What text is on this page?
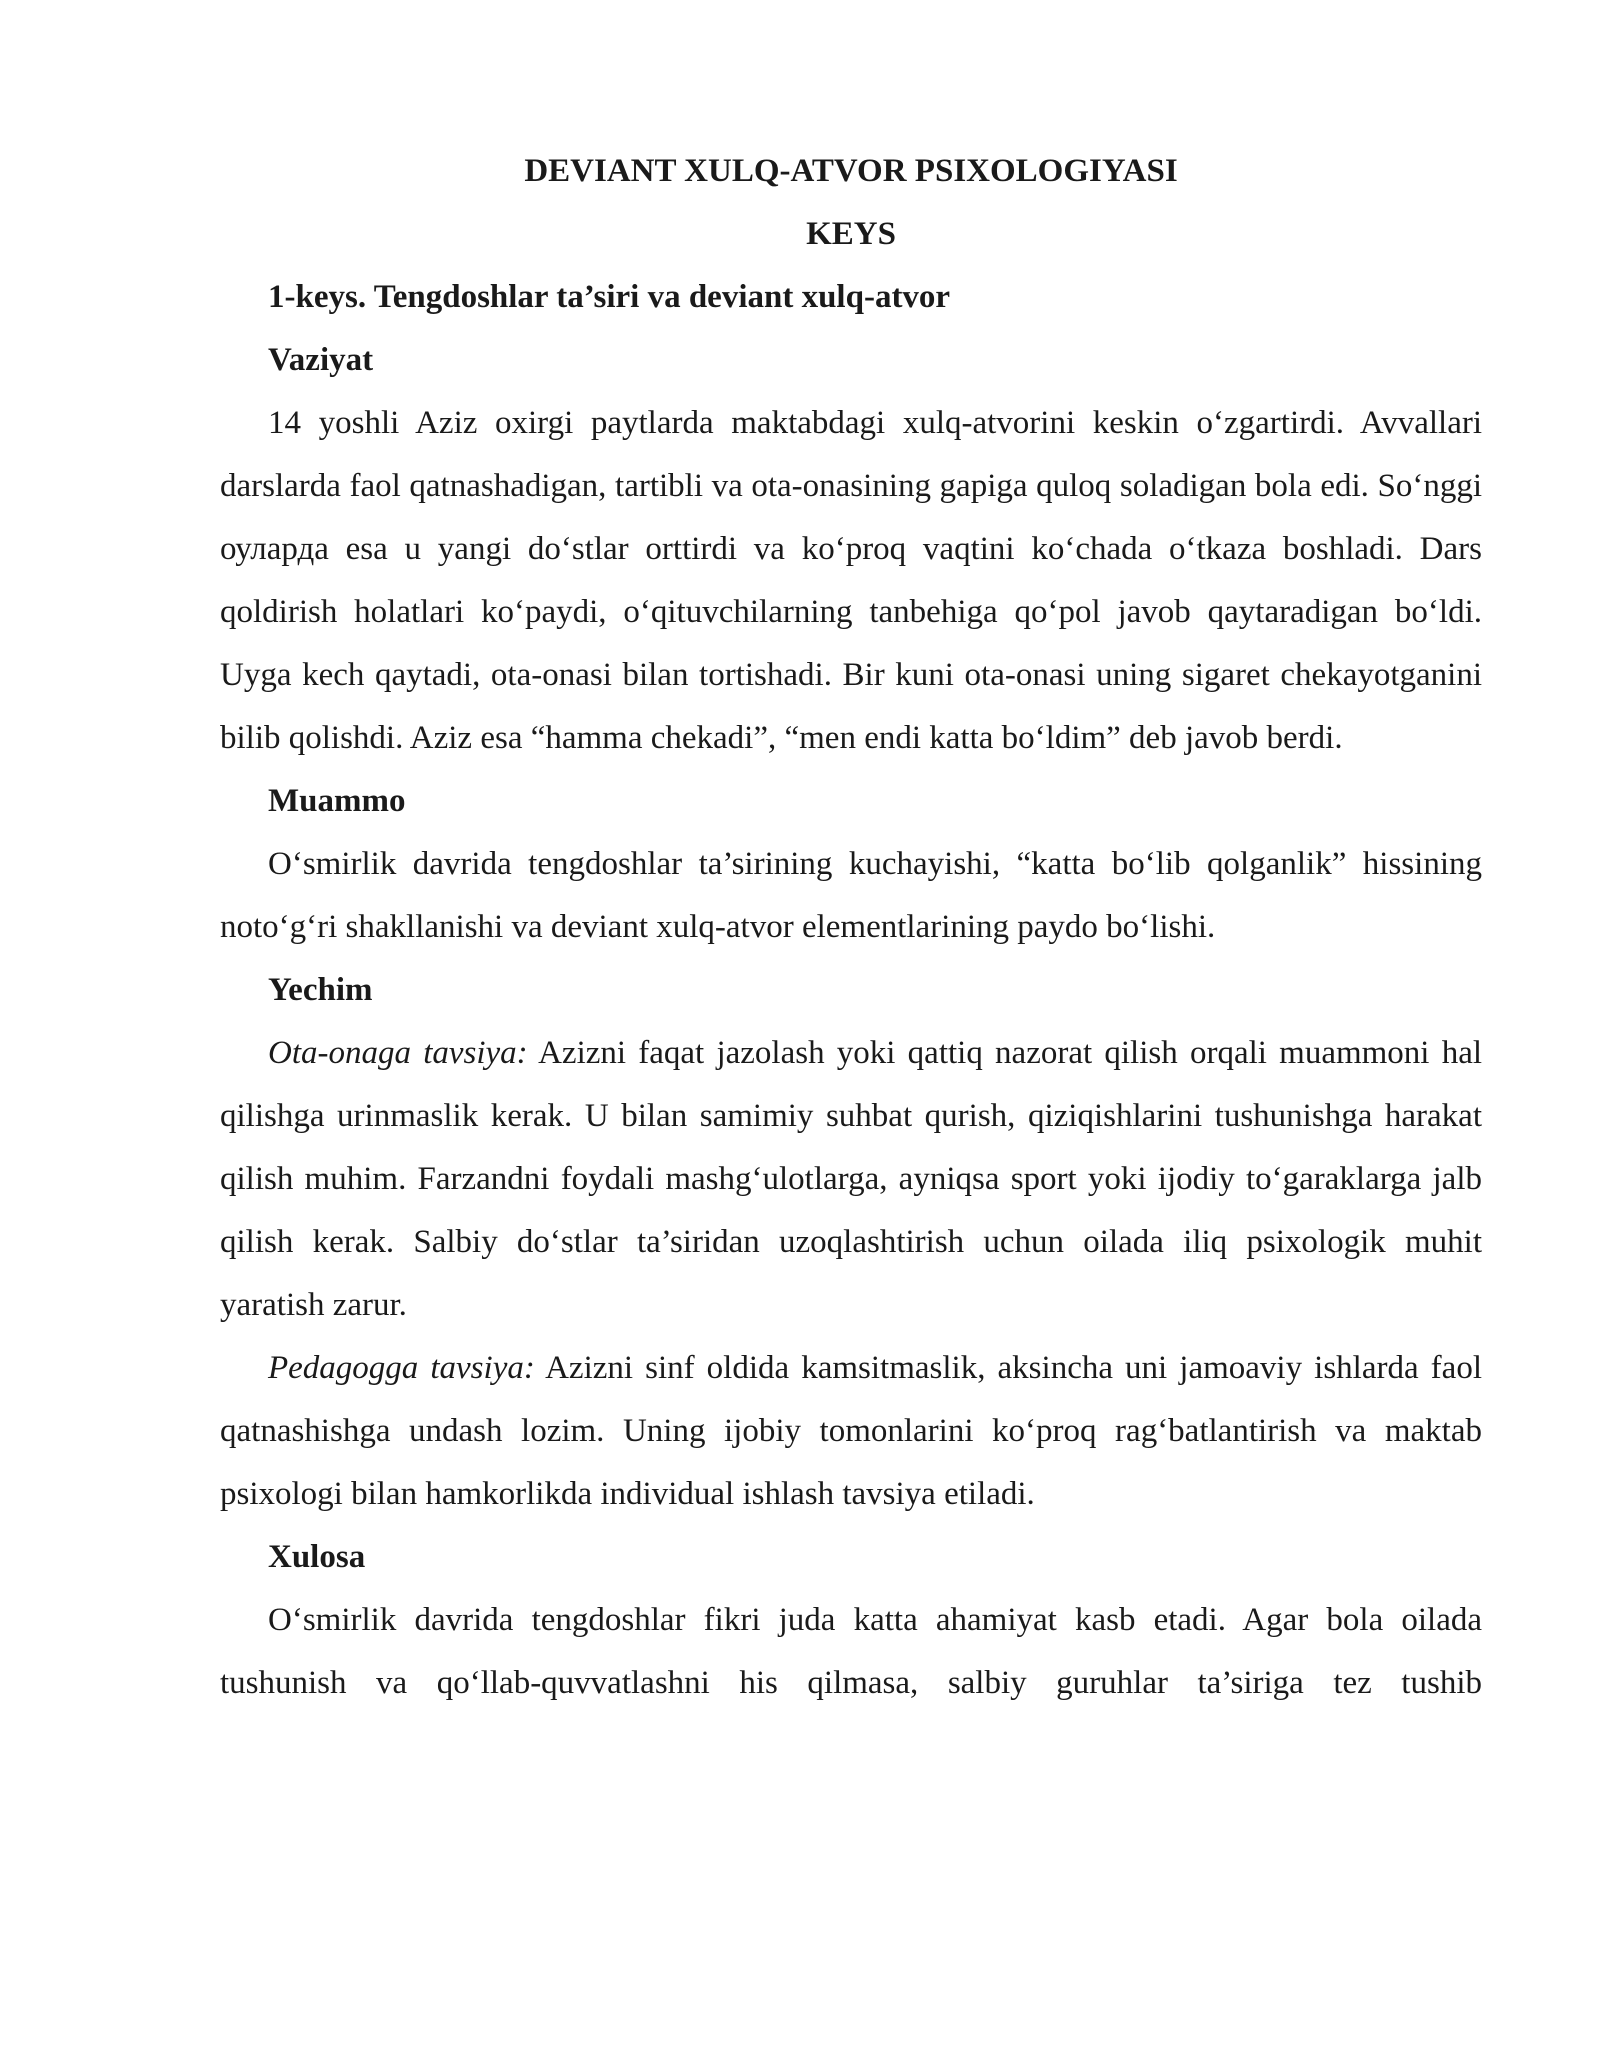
DEVIANT XULQ-ATVOR PSIXOLOGIYASI
KEYS
1-keys. Tengdoshlar ta’siri va deviant xulq-atvor
Vaziyat

14 yoshli Aziz oxirgi paytlarda maktabdagi xulq-atvorini keskin o‘zgartirdi. Avvallari darslarda faol qatnashadigan, tartibli va ota-onasining gapiga quloq soladigan bola edi. So‘nggi оуларда esa u yangi do‘stlar orttirdi va ko‘proq vaqtini ko‘chada o‘tkaza boshladi. Dars qoldirish holatlari ko‘paydi, o‘qituvchilarning tanbehiga qo‘pol javob qaytaradigan bo‘ldi. Uyga kech qaytadi, ota-onasi bilan tortishadi. Bir kuni ota-onasi uning sigaret chekayotganini bilib qolishdi. Aziz esa “hamma chekadi”, “men endi katta bo‘ldim” deb javob berdi.

Muammo

O‘smirlik davrida tengdoshlar ta’sirining kuchayishi, “katta bo‘lib qolganlik” hissining noto‘g‘ri shakllanishi va deviant xulq-atvor elementlarining paydo bo‘lishi.

Yechim

Ota-onaga tavsiya: Azizni faqat jazolash yoki qattiq nazorat qilish orqali muammoni hal qilishga urinmaslik kerak. U bilan samimiy suhbat qurish, qiziqishlarini tushunishga harakat qilish muhim. Farzandni foydali mashg‘ulotlarga, ayniqsa sport yoki ijodiy to‘garaklarga jalb qilish kerak. Salbiy do‘stlar ta’siridan uzoqlashtirish uchun oilada iliq psixologik muhit yaratish zarur.

Pedagogga tavsiya: Azizni sinf oldida kamsitmaslik, aksincha uni jamoaviy ishlarda faol qatnashishga undash lozim. Uning ijobiy tomonlarini ko‘proq rag‘batlantirish va maktab psixologi bilan hamkorlikda individual ishlash tavsiya etiladi.

Xulosa

O‘smirlik davrida tengdoshlar fikri juda katta ahamiyat kasb etadi. Agar bola oilada tushunish va qo‘llab-quvvatlashni his qilmasa, salbiy guruhlar ta’siriga tez tushib
